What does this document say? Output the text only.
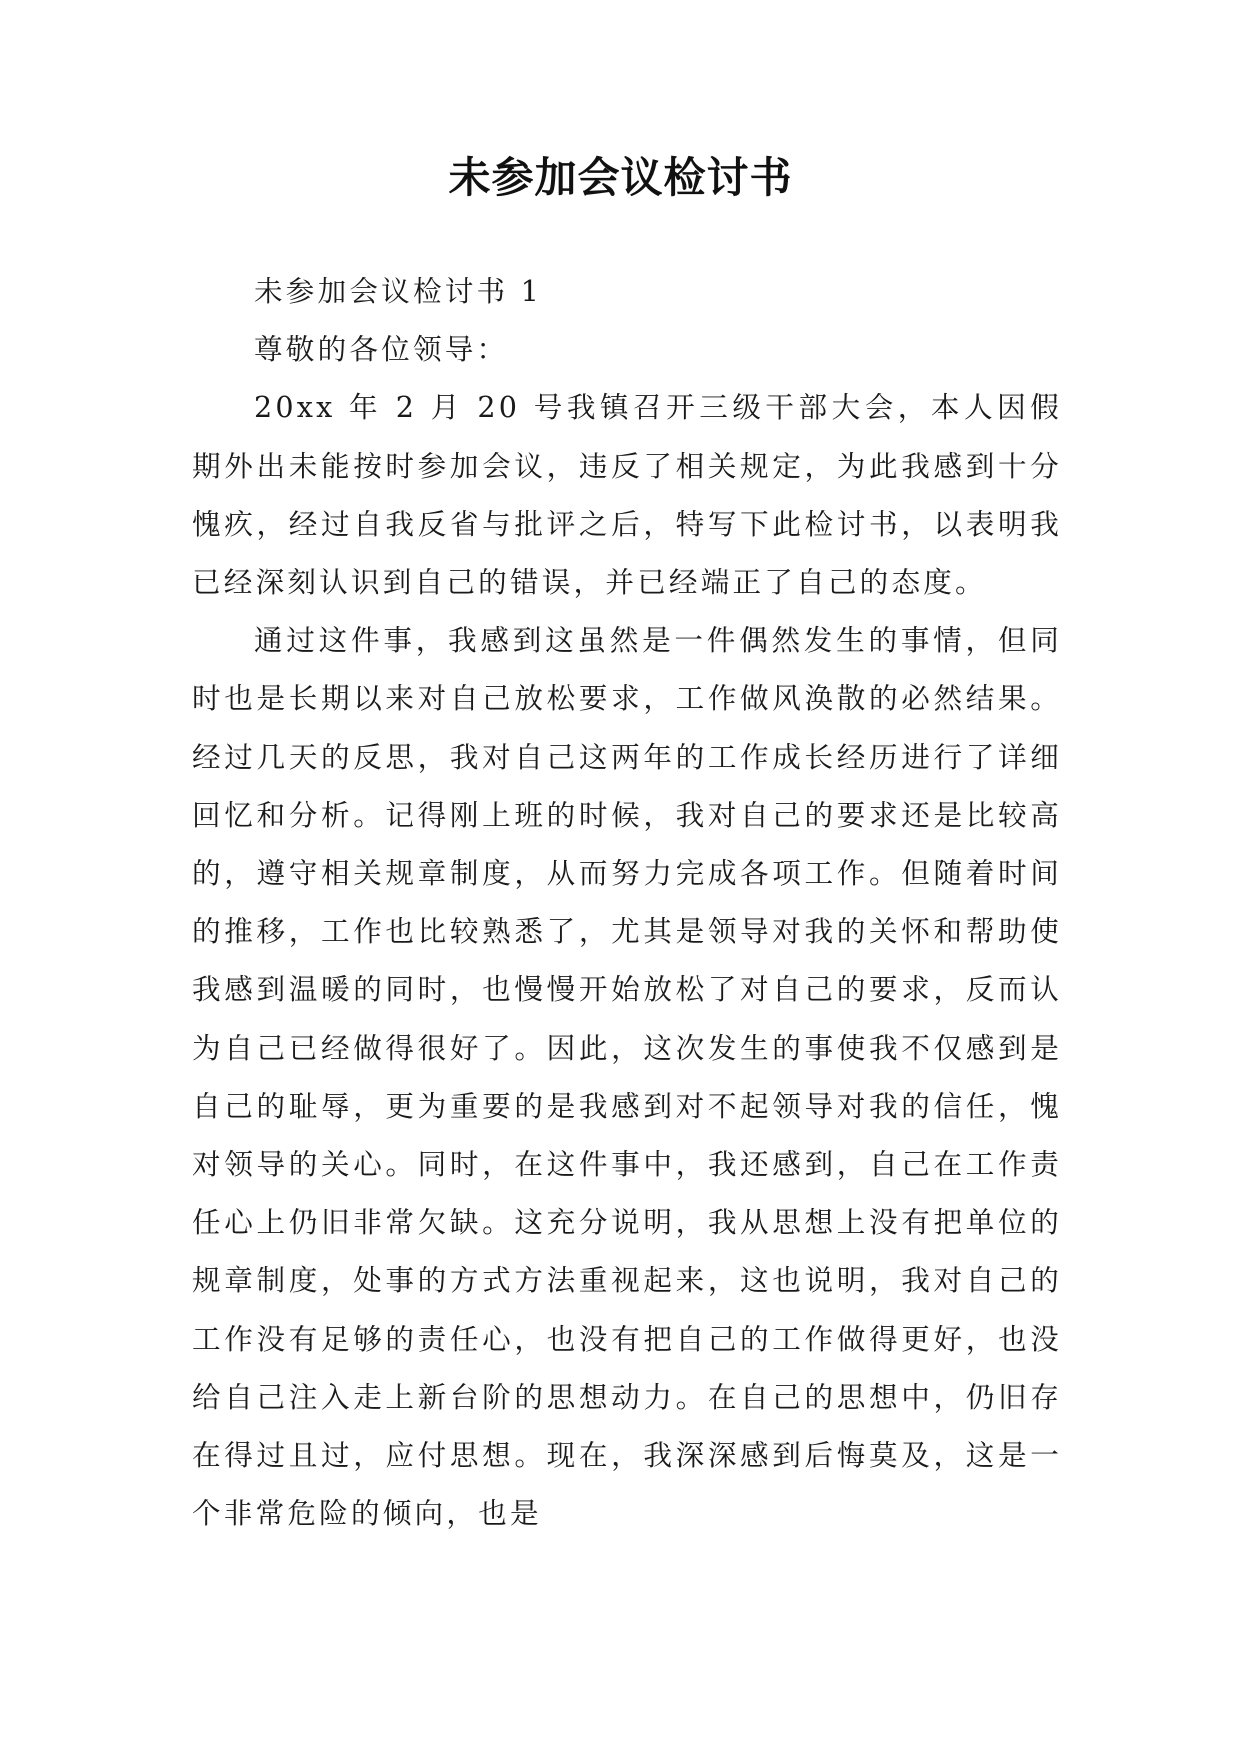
未参加会议检讨书

未参加会议检讨书 1

尊敬的各位领导：

20xx 年 2 月 20 号我镇召开三级干部大会，本人因假期外出未能按时参加会议，违反了相关规定，为此我感到十分愧疚，经过自我反省与批评之后，特写下此检讨书，以表明我已经深刻认识到自己的错误，并已经端正了自己的态度。

通过这件事，我感到这虽然是一件偶然发生的事情，但同时也是长期以来对自己放松要求，工作做风涣散的必然结果。经过几天的反思，我对自己这两年的工作成长经历进行了详细回忆和分析。记得刚上班的时候，我对自己的要求还是比较高的，遵守相关规章制度，从而努力完成各项工作。但随着时间的推移，工作也比较熟悉了，尤其是领导对我的关怀和帮助使我感到温暖的同时，也慢慢开始放松了对自己的要求，反而认为自己已经做得很好了。因此，这次发生的事使我不仅感到是自己的耻辱，更为重要的是我感到对不起领导对我的信任，愧对领导的关心。同时，在这件事中，我还感到，自己在工作责任心上仍旧非常欠缺。这充分说明，我从思想上没有把单位的规章制度，处事的方式方法重视起来，这也说明，我对自己的工作没有足够的责任心，也没有把自己的工作做得更好，也没给自己注入走上新台阶的思想动力。在自己的思想中，仍旧存在得过且过，应付思想。现在，我深深感到后悔莫及，这是一个非常危险的倾向，也是
